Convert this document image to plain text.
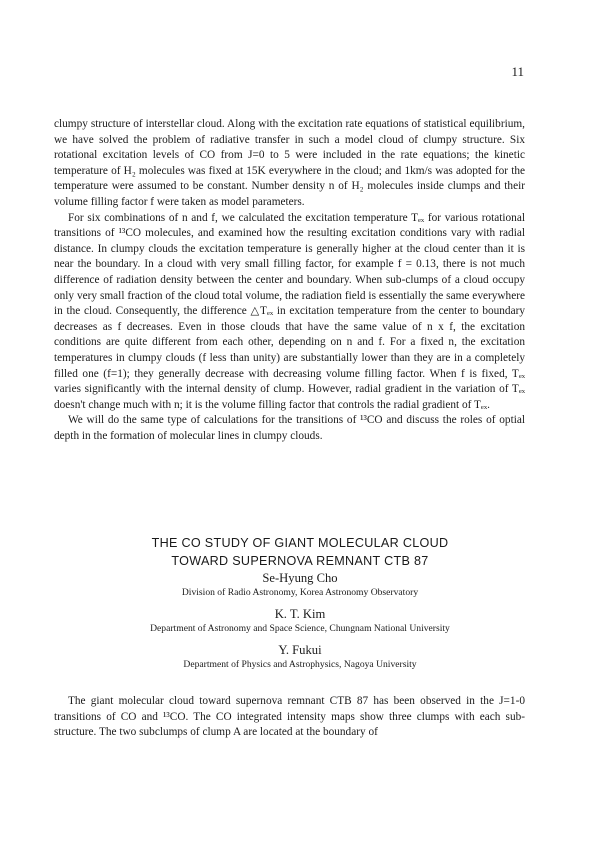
11

clumpy structure of interstellar cloud. Along with the excitation rate equations of statistical equilibrium, we have solved the problem of radiative transfer in such a model cloud of clumpy structure. Six rotational excitation levels of CO from J=0 to 5 were included in the rate equations; the kinetic temperature of H₂ molecules was fixed at 15K everywhere in the cloud; and 1km/s was adopted for the temperature were assumed to be constant. Number density n of H₂ molecules inside clumps and their volume filling factor f were taken as model parameters.

For six combinations of n and f, we calculated the excitation temperature Tₑₓ for various rotational transitions of ¹³CO molecules, and examined how the resulting excitation conditions vary with radial distance. In clumpy clouds the excitation temperature is generally higher at the cloud center than it is near the boundary. In a cloud with very small filling factor, for example f = 0.13, there is not much difference of radiation density between the center and boundary. When sub-clumps of a cloud occupy only very small fraction of the cloud total volume, the radiation field is essentially the same everywhere in the cloud. Consequently, the difference △Tₑₓ in excitation temperature from the center to boundary decreases as f decreases. Even in those clouds that have the same value of n x f, the excitation conditions are quite different from each other, depending on n and f. For a fixed n, the excitation temperatures in clumpy clouds (f less than unity) are substantially lower than they are in a completely filled one (f=1); they generally decrease with decreasing volume filling factor. When f is fixed, Tₑₓ varies significantly with the internal density of clump. However, radial gradient in the variation of Tₑₓ doesn't change much with n; it is the volume filling factor that controls the radial gradient of Tₑₓ.

We will do the same type of calculations for the transitions of ¹³CO and discuss the roles of optial depth in the formation of molecular lines in clumpy clouds.

THE CO STUDY OF GIANT MOLECULAR CLOUD
TOWARD SUPERNOVA REMNANT CTB 87
Se-Hyung Cho
Division of Radio Astronomy, Korea Astronomy Observatory
K. T. Kim
Department of Astronomy and Space Science, Chungnam National University
Y. Fukui
Department of Physics and Astrophysics, Nagoya University

The giant molecular cloud toward supernova remnant CTB 87 has been observed in the J=1-0 transitions of CO and ¹³CO. The CO integrated intensity maps show three clumps with each sub-structure. The two subclumps of clump A are located at the boundary of
